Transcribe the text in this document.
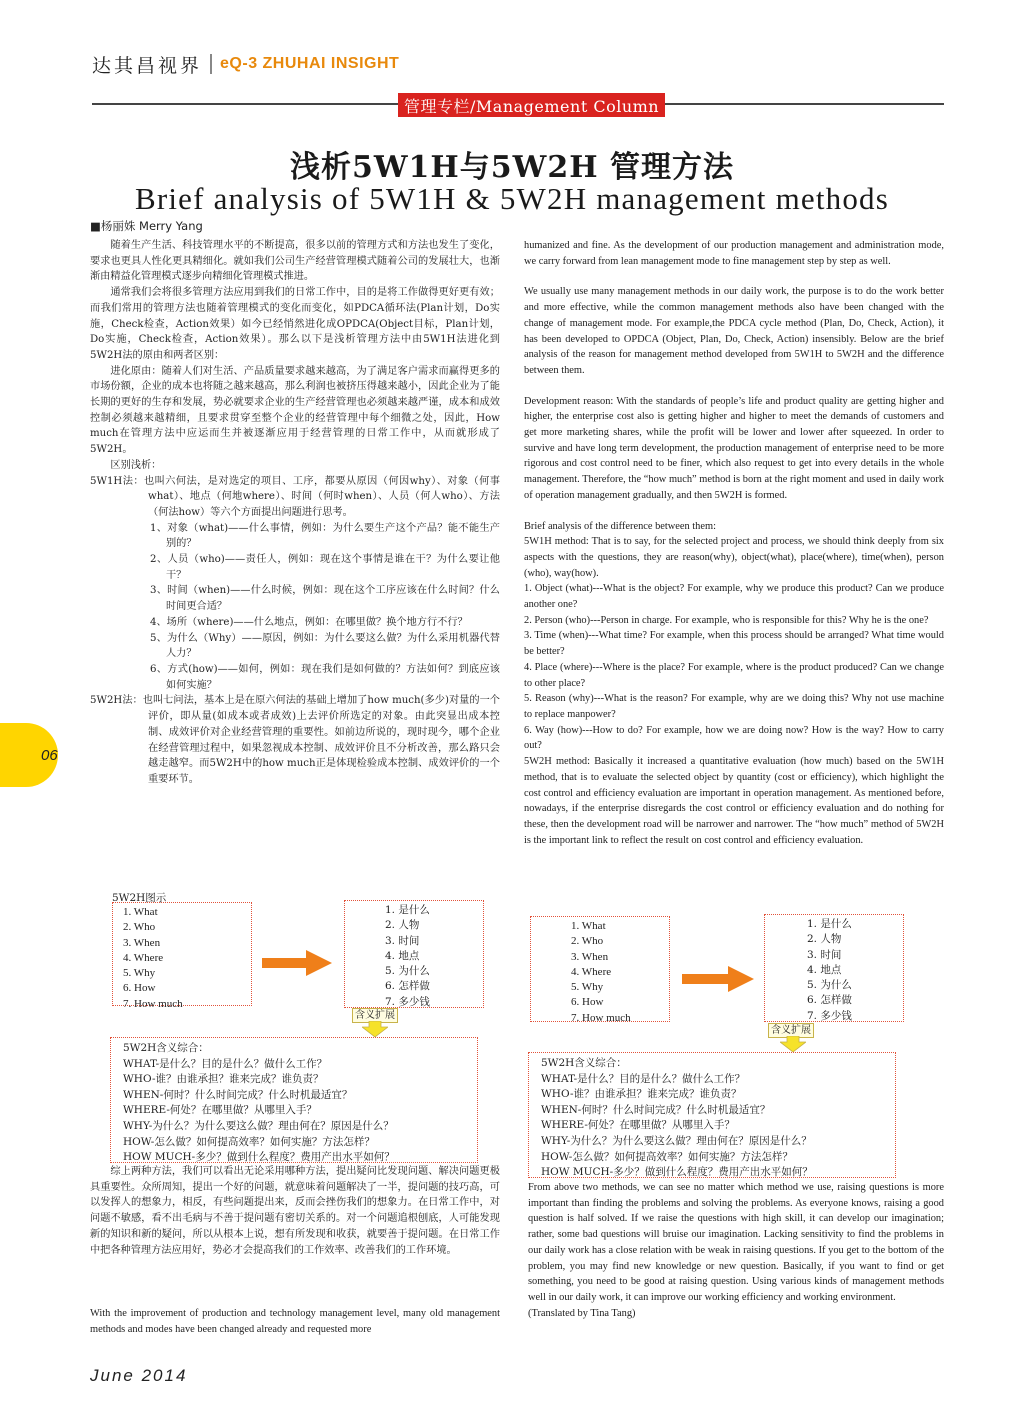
达其昌视界 eQ-3 ZHUHAI INSIGHT
管理专栏/Management Column
浅析5W1H与5W2H 管理方法
Brief analysis of 5W1H & 5W2H management methods
■杨丽姝 Merry Yang

随着生产生活、科技管理水平的不断提高，很多以前的管理方式和方法也发生了变化，要求也更具人性化更具精细化。就如我们公司生产经营管理模式随着公司的发展壮大，也渐渐由精益化管理模式逐步向精细化管理模式推进。

通常我们会将很多管理方法应用到我们的日常工作中，目的是将工作做得更好更有效；而我们常用的管理方法也随着管理模式的变化而变化，如PDCA循环法(Plan计划，Do实施，Check检查，Action效果）如今已经悄然进化成OPDCA(Object目标，Plan计划，Do实施，Check检查，Action效果）。那么以下是浅析管理方法中由5W1H法进化到5W2H法的原由和两者区别：

进化原由：随着人们对生活、产品质量要求越来越高，为了满足客户需求而赢得更多的市场份额，企业的成本也将随之越来越高，那么利润也被挤压得越来越小，因此企业为了能长期的更好的生存和发展，势必就要求企业的生产经营管理也必须越来越严谨，成本和成效控制必须越来越精细，且要求贯穿至整个企业的经营管理中每个细微之处，因此，How much在管理方法中应运而生并被逐渐应用于经营管理的日常工作中，从而就形成了5W2H。

区别浅析：

5W1H法：也叫六何法，是对选定的项目、工序，都要从原因（何因why）、对象（何事what）、地点（何地where）、时间（何时when）、人员（何人who）、方法（何法how）等六个方面提出问题进行思考。

1、对象（what)——什么事情，例如：为什么要生产这个产品？能不能生产别的？

2、人员（who)——责任人，例如：现在这个事情是谁在干？为什么要让他干？

3、时间（when)——什么时候，例如：现在这个工序应该在什么时间？什么时间更合适？

4、场所（where)——什么地点，例如：在哪里做？换个地方行不行？

5、为什么（Why）——原因，例如：为什么要这么做？为什么采用机器代替人力？

6、方式(how)——如何，例如：现在我们是如何做的？方法如何？到底应该如何实施？

5W2H法：也叫七问法，基本上是在原六何法的基础上增加了how much(多少)对量的一个评价，即从量(如成本或者成效)上去评价所选定的对象。由此突显出成本控制、成效评价对企业经营管理的重要性。如前边所说的，现时现今，哪个企业在经营管理过程中，如果忽视成本控制、成效评价且不分析改善，那么路只会越走越窄。而5W2H中的how much正是体现检验成本控制、成效评价的一个重要环节。

5W2H图示

1. What

2. Who

3. When

4. Where

5. Why

6. How

7. How much

1. 是什么

2. 人物

3. 时间

4. 地点

5. 为什么

6. 怎样做

7. 多少钱

含义扩展

5W2H含义综合：

WHAT-是什么？目的是什么？做什么工作？

WHO-谁？由谁承担？谁来完成？谁负责？

WHEN-何时？什么时间完成？什么时机最适宜？

WHERE-何处？在哪里做？从哪里入手？

WHY-为什么？为什么要这么做？理由何在？原因是什么？

HOW-怎么做？如何提高效率？如何实施？方法怎样？

HOW MUCH-多少？做到什么程度？费用产出水平如何？

综上两种方法，我们可以看出无论采用哪种方法，提出疑问比发现问题、解决问题更极具重要性。众所周知，提出一个好的问题，就意味着问题解决了一半，提问题的技巧高，可以发挥人的想象力，相反，有些问题提出来，反而会挫伤我们的想象力。在日常工作中，对问题不敏感，看不出毛病与不善于提问题有密切关系的。对一个问题追根刨底，人可能发现新的知识和新的疑问，所以从根本上说，想有所发现和收获，就要善于提问题。在日常工作中把各种管理方法应用好，势必才会提高我们的工作效率、改善我们的工作环境。

With the improvement of production and technology management level, many old management methods and modes have been changed already and requested more

humanized and fine. As the development of our production management and administration mode, we carry forward from lean management mode to fine management step by step as well.

We usually use many management methods in our daily work, the purpose is to do the work better and more effective, while the common management methods also have been changed with the change of management mode. For example,the PDCA cycle method (Plan, Do, Check, Action), it has been developed to OPDCA (Object, Plan, Do, Check, Action) insensibly. Below are the brief analysis of the reason for management method developed from 5W1H to 5W2H and the difference between them.

Development reason: With the standards of people’s life and product quality are getting higher and higher, the enterprise cost also is getting higher and higher to meet the demands of customers and get more marketing shares, while the profit will be lower and lower after squeezed. In order to survive and have long term development, the production management of enterprise need to be more rigorous and cost control need to be finer, which also request to get into every details in the whole management. Therefore, the “how much” method is born at the right moment and used in daily work of operation management gradually, and then 5W2H is formed.

Brief analysis of the difference between them:

5W1H method: That is to say, for the selected project and process, we should think deeply from six aspects with the questions, they are reason(why), object(what), place(where), time(when), person (who), way(how).

1. Object (what)---What is the object? For example, why we produce this product? Can we produce another one?

2. Person (who)---Person in charge. For example, who is responsible for this? Why he is the one?

3. Time (when)---What time? For example, when this process should be arranged? What time would be better?

4. Place (where)---Where is the place? For example, where is the product produced? Can we change to other place?

5. Reason (why)---What is the reason? For example, why are we doing this? Why not use machine to replace manpower?

6. Way (how)---How to do? For example, how we are doing now? How is the way? How to carry out?

5W2H method: Basically it increased a quantitative evaluation (how much) based on the 5W1H method, that is to evaluate the selected object by quantity (cost or efficiency), which highlight the cost control and efficiency evaluation are important in operation management. As mentioned before, nowadays, if the enterprise disregards the cost control or efficiency evaluation and do nothing for these, then the development road will be narrower and narrower. The “how much” method of 5W2H is the important link to reflect the result on cost control and efficiency evaluation.

1. What

2. Who

3. When

4. Where

5. Why

6. How

7. How much

1. 是什么

2. 人物

3. 时间

4. 地点

5. 为什么

6. 怎样做

7. 多少钱

含义扩展

5W2H含义综合：

WHAT-是什么？目的是什么？做什么工作？

WHO-谁？由谁承担？谁来完成？谁负责？

WHEN-何时？什么时间完成？什么时机最适宜？

WHERE-何处？在哪里做？从哪里入手？

WHY-为什么？为什么要这么做？理由何在？原因是什么？

HOW-怎么做？如何提高效率？如何实施？方法怎样？

HOW MUCH-多少？做到什么程度？费用产出水平如何？

From above two methods, we can see no matter which method we use, raising questions is more important than finding the problems and solving the problems. As everyone knows, raising a good question is half solved. If we raise the questions with high skill, it can develop our imagination; rather, some bad questions will bruise our imagination. Lacking sensitivity to find the problems in our daily work has a close relation with be weak in raising questions. If you get to the bottom of the problem, you may find new knowledge or new question. Basically, if you want to find or get something, you need to be good at raising question. Using various kinds of management methods well in our daily work, it can improve our working efficiency and working environment.

(Translated by Tina Tang)

06
June 2014
